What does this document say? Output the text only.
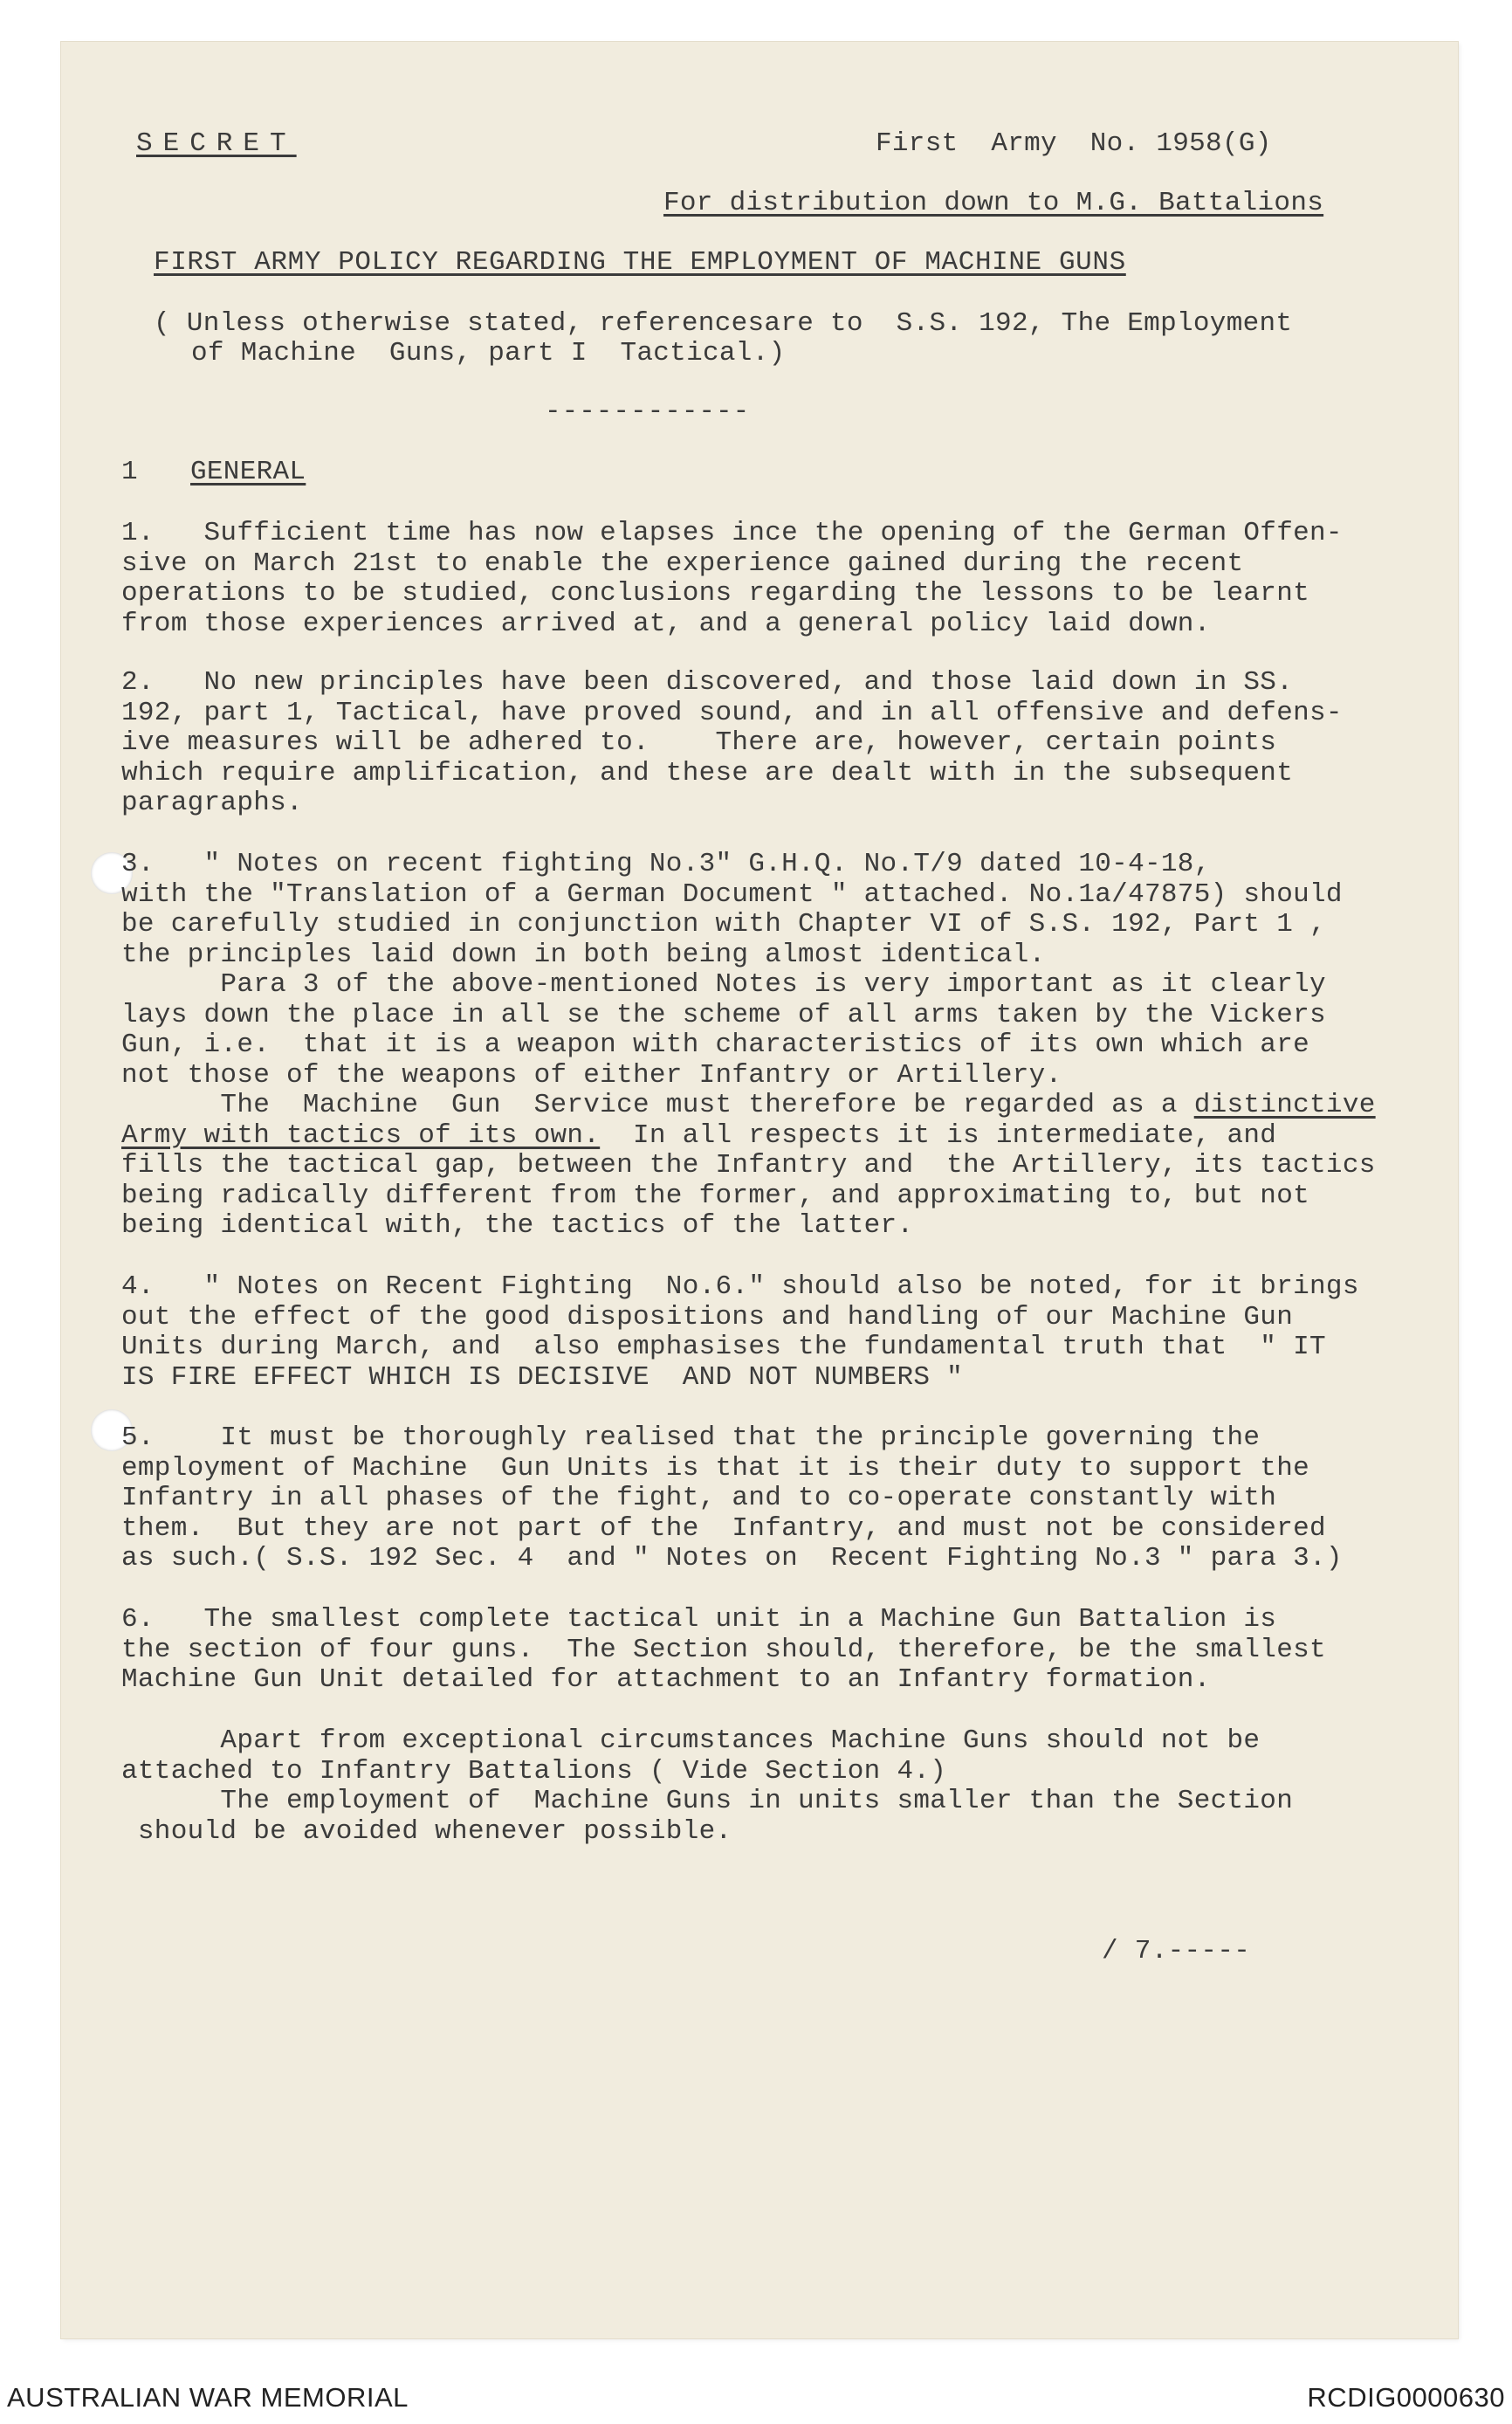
SECRET	First  Army  No. 1958(G)
For distribution down to M.G. Battalions
FIRST ARMY POLICY REGARDING THE EMPLOYMENT OF MACHINE GUNS
( Unless otherwise stated, referencesare to  S.S. 192, The Employment
of Machine  Guns, part I  Tactical.)
------------
1 GENERAL
1.   Sufficient time has now elapses ince the opening of the German Offen-
sive on March 21st to enable the experience gained during the recent
operations to be studied, conclusions regarding the lessons to be learnt
from those experiences arrived at, and a general policy laid down.
2.   No new principles have been discovered, and those laid down in SS.
192, part 1, Tactical, have proved sound, and in all offensive and defens-
ive measures will be adhered to.    There are, however, certain points
which require amplification, and these are dealt with in the subsequent
paragraphs.
3.   " Notes on recent fighting No.3" G.H.Q. No.T/9 dated 10-4-18,
with the "Translation of a German Document " attached. No.1a/47875) should
be carefully studied in conjunction with Chapter VI of S.S. 192, Part 1 ,
the principles laid down in both being almost identical.
Para 3 of the above-mentioned Notes is very important as it clearly
lays down the place in all se the scheme of all arms taken by the Vickers
Gun, i.e.  that it is a weapon with characteristics of its own which are
not those of the weapons of either Infantry or Artillery.
The  Machine  Gun  Service must therefore be regarded as a distinctive
Army with tactics of its own.  In all respects it is intermediate, and
fills the tactical gap, between the Infantry and  the Artillery, its tactics
being radically different from the former, and approximating to, but not
being identical with, the tactics of the latter.
4.   " Notes on Recent Fighting  No.6." should also be noted, for it brings
out the effect of the good dispositions and handling of our Machine Gun
Units during March, and  also emphasises the fundamental truth that  " IT
IS FIRE EFFECT WHICH IS DECISIVE  AND NOT NUMBERS "
5.    It must be thoroughly realised that the principle governing the
employment of Machine  Gun Units is that it is their duty to support the
Infantry in all phases of the fight, and to co-operate constantly with
them.  But they are not part of the  Infantry, and must not be considered
as such.( S.S. 192 Sec. 4  and " Notes on  Recent Fighting No.3 " para 3.)
6.   The smallest complete tactical unit in a Machine Gun Battalion is
the section of four guns.  The Section should, therefore, be the smallest
Machine Gun Unit detailed for attachment to an Infantry formation.
Apart from exceptional circumstances Machine Guns should not be
attached to Infantry Battalions ( Vide Section 4.)
The employment of  Machine Guns in units smaller than the Section
should be avoided whenever possible.
/ 7.-----
AUSTRALIAN WAR MEMORIAL	RCDIG0000630
